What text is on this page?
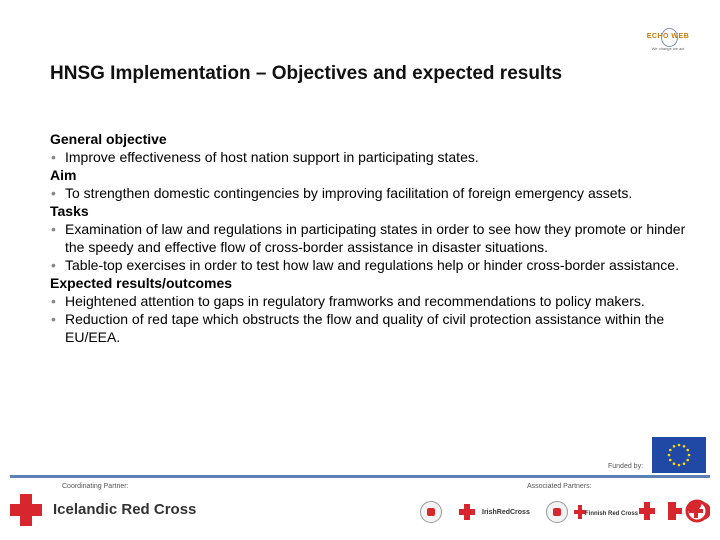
ECHO WEB
We change we act
HNSG Implementation – Objectives and expected results
General objective
• Improve effectiveness of host nation support in participating states.
Aim
• To strengthen domestic contingencies by improving facilitation of foreign emergency assets.
Tasks
• Examination of law and regulations in participating states in order to see how they promote or hinder the speedy and effective flow of cross-border assistance in disaster situations.
• Table-top exercises in order to test how law and regulations help or hinder cross-border assistance.
Expected results/outcomes
• Heightened attention to gaps in regulatory framworks and recommendations to policy makers.
• Reduction of red tape which obstructs the flow and quality of civil protection assistance within the EU/EEA.
Funded by:
Coordinating Partner:	Associated Partners:
Icelandic Red Cross	IrishRedCross	Finnish Red Cross
